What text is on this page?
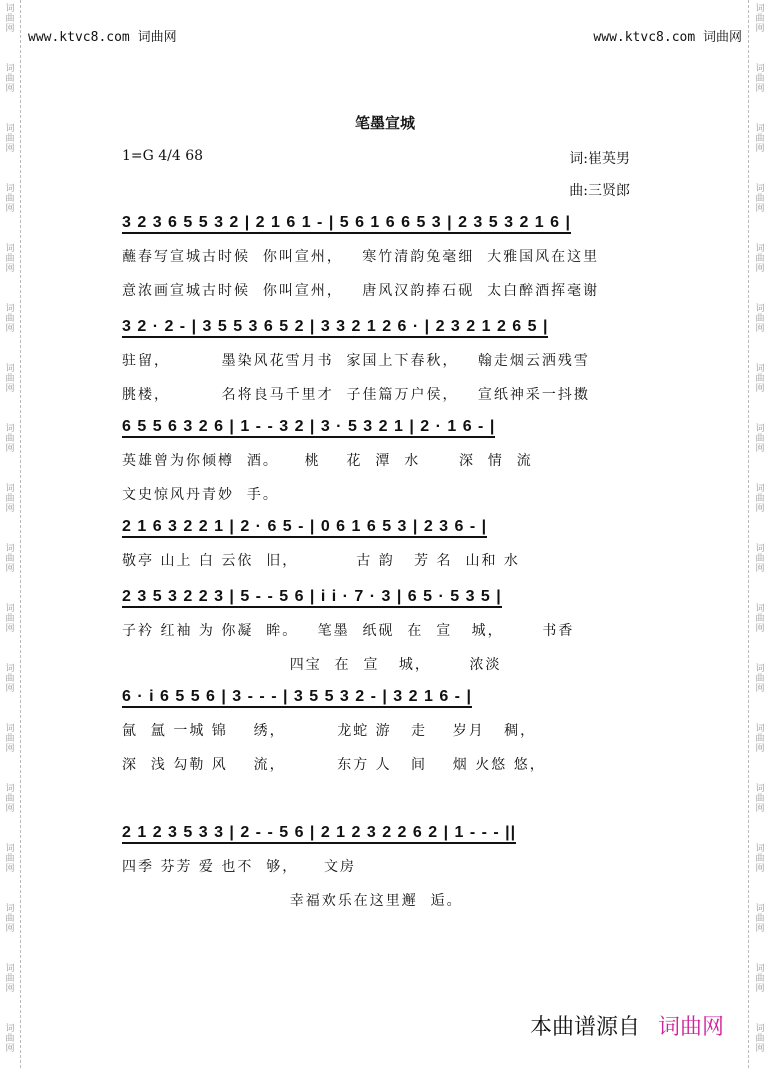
词
曲
网
词
曲
网
词
曲
网
词
曲
网
词
曲
网
词
曲
网
词
曲
网
词
曲
网
词
曲
网
词
曲
网
词
曲
网
词
曲
网
词
曲
网
词
曲
网
词
曲
网
词
曲
网
词
曲
网
词
曲
网
词
曲
网
词
曲
网
词
曲
网
词
曲
网
词
曲
网
词
曲
网
词
曲
网
词
曲
网
词
曲
网
词
曲
网
词
曲
网
词
曲
网
词
曲
网
词
曲
网
词
曲
网
词
曲
网
词
曲
网
词
曲
网
www.ktvc8.com 词曲网	www.ktvc8.com 词曲网
笔墨宣城
1=G 4/4 68	词:崔英男
曲:三贤郎
3 2 3 6 5 5 3 2 | 2 1 6 1 - | 5 6 1 6 6 5 3 | 2 3 5 3 2 1 6 |
蘸春写宣城古时候  你叫宣州，   寒竹清韵兔毫细  大雅国风在这里
意浓画宣城古时候  你叫宣州，   唐风汉韵捧石砚  太白醉酒挥毫谢
3 2 · 2 - | 3 5 5 3 6 5 2 | 3 3 2 1 2 6 · | 2 3 2 1 2 6 5 |
驻留，        墨染风花雪月书  家国上下春秋，   翰走烟云洒残雪
朓楼，        名将良马千里才  子佳篇万户侯，   宣纸神采一抖擞
6 5 5 6 3 2 6 | 1 - - 3 2 | 3 · 5 3 2 1 | 2 · 1 6 - |
英雄曾为你倾樽  酒。    桃    花  潭  水      深  情  流
文史惊风丹青妙  手。
2 1 6 3 2 2 1 | 2 · 6 5 - | 0 6 1 6 5 3 | 2 3 6 - |
敬亭 山上 白 云依  旧，         古 韵   芳 名  山和 水
2 3 5 3 2 2 3 | 5 - - 5 6 | i i · 7 · 3 | 6 5 · 5 3 5 |
子衿 红袖 为 你凝  眸。   笔墨  纸砚  在  宣   城，      书香
四宝  在  宣   城，      浓淡
6 · i 6 5 5 6 | 3 - - - | 3 5 5 3 2 - | 3 2 1 6 - |
氤  氲 一城 锦    绣，        龙蛇 游   走    岁月   稠，
深  浅 勾勒 风    流，        东方 人   间    烟 火悠 悠，
2 1 2 3 5 3 3 | 2 - - 5 6 | 2 1 2 3 2 2 6 2 | 1 - - - ||
四季 芬芳 爱 也不  够，    文房
幸福欢乐在这里邂  逅。
本曲谱源自 词曲网
